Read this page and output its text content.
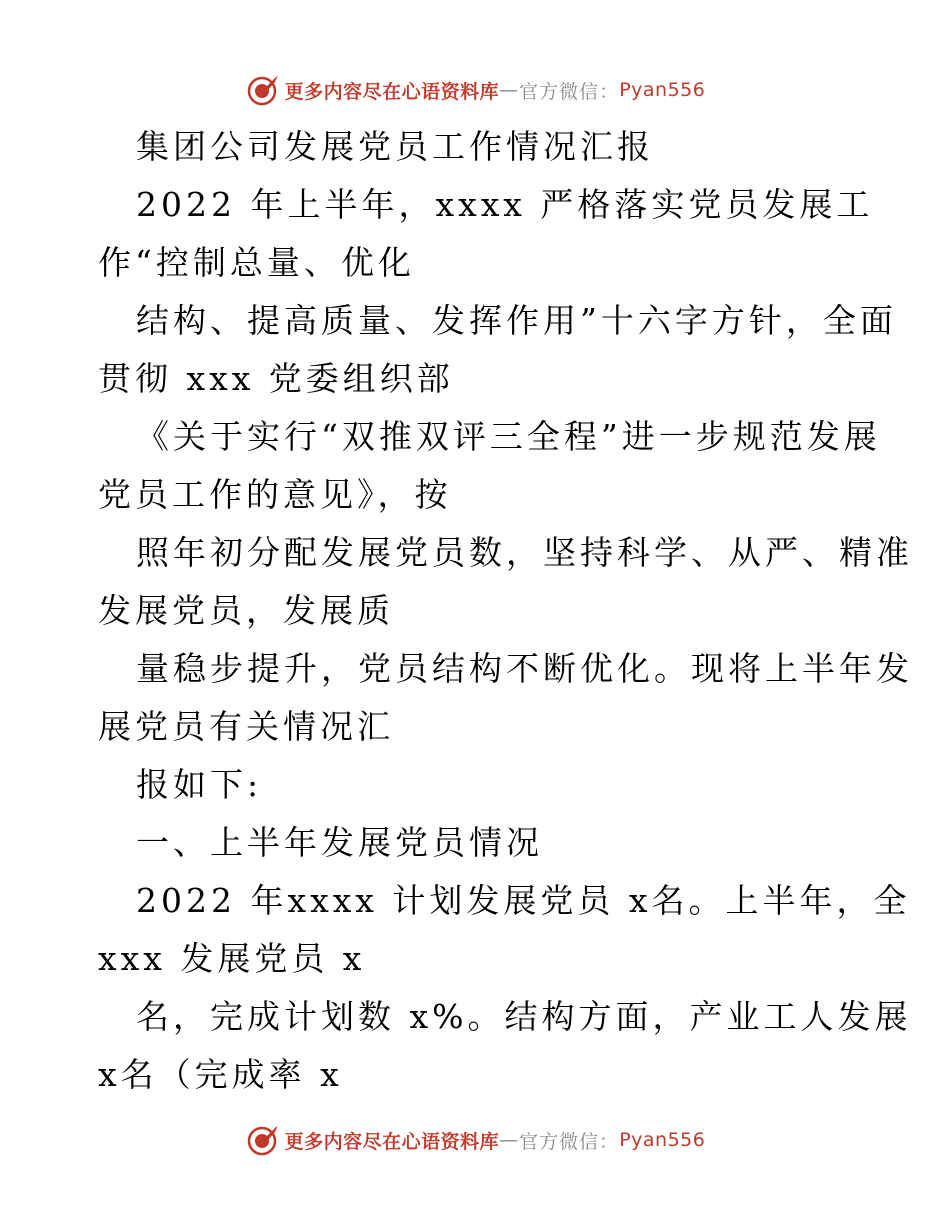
更多内容尽在心语资料库 — 官方微信： Pyan556
集团公司发展党员工作情况汇报
2022 年上半年，xxxx 严格落实党员发展工
作“控制总量、优化
结构、提高质量、发挥作用”十六字方针，全面
贯彻 xxx 党委组织部
《关于实行“双推双评三全程”进一步规范发展
党员工作的意见》，按
照年初分配发展党员数，坚持科学、从严、精准
发展党员，发展质
量稳步提升，党员结构不断优化。现将上半年发
展党员有关情况汇
报如下:
一、上半年发展党员情况
2022 年xxxx 计划发展党员 x名。上半年，全
xxx 发展党员 x
名，完成计划数 x%。结构方面，产业工人发展
x名（完成率 x
更多内容尽在心语资料库 — 官方微信： Pyan556
